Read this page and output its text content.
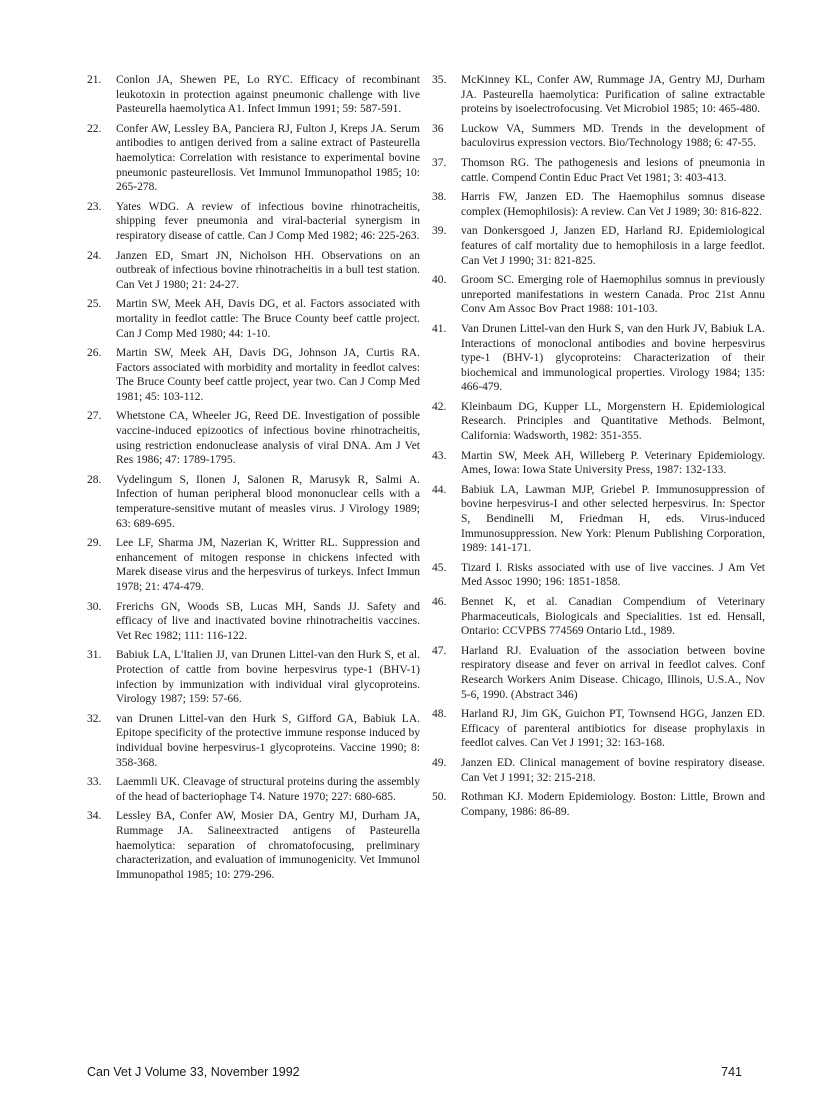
21. Conlon JA, Shewen PE, Lo RYC. Efficacy of recombinant leukotoxin in protection against pneumonic challenge with live Pasteurella haemolytica A1. Infect Immun 1991; 59: 587-591.
22. Confer AW, Lessley BA, Panciera RJ, Fulton J, Kreps JA. Serum antibodies to antigen derived from a saline extract of Pasteurella haemolytica: Correlation with resistance to experimental bovine pneumonic pasteurellosis. Vet Immunol Immunopathol 1985; 10: 265-278.
23. Yates WDG. A review of infectious bovine rhinotracheitis, shipping fever pneumonia and viral-bacterial synergism in respiratory disease of cattle. Can J Comp Med 1982; 46: 225-263.
24. Janzen ED, Smart JN, Nicholson HH. Observations on an outbreak of infectious bovine rhinotracheitis in a bull test station. Can Vet J 1980; 21: 24-27.
25. Martin SW, Meek AH, Davis DG, et al. Factors associated with mortality in feedlot cattle: The Bruce County beef cattle project. Can J Comp Med 1980; 44: 1-10.
26. Martin SW, Meek AH, Davis DG, Johnson JA, Curtis RA. Factors associated with morbidity and mortality in feedlot calves: The Bruce County beef cattle project, year two. Can J Comp Med 1981; 45: 103-112.
27. Whetstone CA, Wheeler JG, Reed DE. Investigation of possible vaccine-induced epizootics of infectious bovine rhinotracheitis, using restriction endonuclease analysis of viral DNA. Am J Vet Res 1986; 47: 1789-1795.
28. Vydelingum S, Ilonen J, Salonen R, Marusyk R, Salmi A. Infection of human peripheral blood mononuclear cells with a temperature-sensitive mutant of measles virus. J Virology 1989; 63: 689-695.
29. Lee LF, Sharma JM, Nazerian K, Writter RL. Suppression and enhancement of mitogen response in chickens infected with Marek disease virus and the herpesvirus of turkeys. Infect Immun 1978; 21: 474-479.
30. Frerichs GN, Woods SB, Lucas MH, Sands JJ. Safety and efficacy of live and inactivated bovine rhinotracheitis vaccines. Vet Rec 1982; 111: 116-122.
31. Babiuk LA, L'Italien JJ, van Drunen Littel-van den Hurk S, et al. Protection of cattle from bovine herpesvirus type-1 (BHV-1) infection by immunization with individual viral glycoproteins. Virology 1987; 159: 57-66.
32. van Drunen Littel-van den Hurk S, Gifford GA, Babiuk LA. Epitope specificity of the protective immune response induced by individual bovine herpesvirus-1 glycoproteins. Vaccine 1990; 8: 358-368.
33. Laemmli UK. Cleavage of structural proteins during the assembly of the head of bacteriophage T4. Nature 1970; 227: 680-685.
34. Lessley BA, Confer AW, Mosier DA, Gentry MJ, Durham JA, Rummage JA. Salineextracted antigens of Pasteurella haemolytica: separation of chromatofocusing, preliminary characterization, and evaluation of immunogenicity. Vet Immunol Immunopathol 1985; 10: 279-296.
35. McKinney KL, Confer AW, Rummage JA, Gentry MJ, Durham JA. Pasteurella haemolytica: Purification of saline extractable proteins by isoelectrofocusing. Vet Microbiol 1985; 10: 465-480.
36 Luckow VA, Summers MD. Trends in the development of baculovirus expression vectors. Bio/Technology 1988; 6: 47-55.
37. Thomson RG. The pathogenesis and lesions of pneumonia in cattle. Compend Contin Educ Pract Vet 1981; 3: 403-413.
38. Harris FW, Janzen ED. The Haemophilus somnus disease complex (Hemophilosis): A review. Can Vet J 1989; 30: 816-822.
39. van Donkersgoed J, Janzen ED, Harland RJ. Epidemiological features of calf mortality due to hemophilosis in a large feedlot. Can Vet J 1990; 31: 821-825.
40. Groom SC. Emerging role of Haemophilus somnus in previously unreported manifestations in western Canada. Proc 21st Annu Conv Am Assoc Bov Pract 1988: 101-103.
41. Van Drunen Littel-van den Hurk S, van den Hurk JV, Babiuk LA. Interactions of monoclonal antibodies and bovine herpesvirus type-1 (BHV-1) glycoproteins: Characterization of their biochemical and immunological properties. Virology 1984; 135: 466-479.
42. Kleinbaum DG, Kupper LL, Morgenstern H. Epidemiological Research. Principles and Quantitative Methods. Belmont, California: Wadsworth, 1982: 351-355.
43. Martin SW, Meek AH, Willeberg P. Veterinary Epidemiology. Ames, Iowa: Iowa State University Press, 1987: 132-133.
44. Babiuk LA, Lawman MJP, Griebel P. Immunosuppression of bovine herpesvirus-I and other selected herpesvirus. In: Spector S, Bendinelli M, Friedman H, eds. Virus-induced Immunosuppression. New York: Plenum Publishing Corporation, 1989: 141-171.
45. Tizard I. Risks associated with use of live vaccines. J Am Vet Med Assoc 1990; 196: 1851-1858.
46. Bennet K, et al. Canadian Compendium of Veterinary Pharmaceuticals, Biologicals and Specialities. 1st ed. Hensall, Ontario: CCVPBS 774569 Ontario Ltd., 1989.
47. Harland RJ. Evaluation of the association between bovine respiratory disease and fever on arrival in feedlot calves. Conf Research Workers Anim Disease. Chicago, Illinois, U.S.A., Nov 5-6, 1990. (Abstract 346)
48. Harland RJ, Jim GK, Guichon PT, Townsend HGG, Janzen ED. Efficacy of parenteral antibiotics for disease prophylaxis in feedlot calves. Can Vet J 1991; 32: 163-168.
49. Janzen ED. Clinical management of bovine respiratory disease. Can Vet J 1991; 32: 215-218.
50. Rothman KJ. Modern Epidemiology. Boston: Little, Brown and Company, 1986: 86-89.
Can Vet J Volume 33, November 1992	741
